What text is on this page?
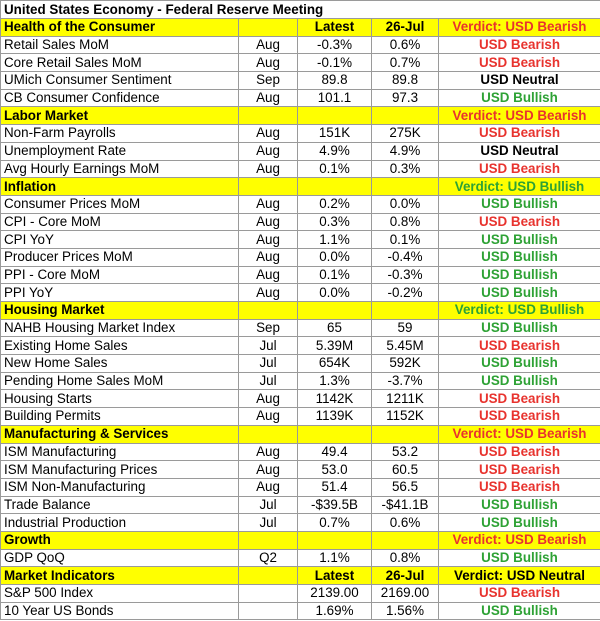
United States Economy - Federal Reserve Meeting				
Health of the Consumer		Latest	26-Jul	Verdict: USD Bearish
Retail Sales MoM	Aug	-0.3%	0.6%	USD Bearish
Core Retail Sales MoM	Aug	-0.1%	0.7%	USD Bearish
UMich Consumer Sentiment	Sep	89.8	89.8	USD Neutral
CB Consumer Confidence	Aug	101.1	97.3	USD Bullish
Labor Market				Verdict: USD Bearish
Non-Farm Payrolls	Aug	151K	275K	USD Bearish
Unemployment Rate	Aug	4.9%	4.9%	USD Neutral
Avg Hourly Earnings MoM	Aug	0.1%	0.3%	USD Bearish
Inflation				Verdict: USD Bullish
Consumer Prices MoM	Aug	0.2%	0.0%	USD Bullish
CPI - Core MoM	Aug	0.3%	0.8%	USD Bearish
CPI YoY	Aug	1.1%	0.1%	USD Bullish
Producer Prices MoM	Aug	0.0%	-0.4%	USD Bullish
PPI - Core MoM	Aug	0.1%	-0.3%	USD Bullish
PPI YoY	Aug	0.0%	-0.2%	USD Bullish
Housing Market				Verdict: USD Bullish
NAHB Housing Market Index	Sep	65	59	USD Bullish
Existing Home Sales	Jul	5.39M	5.45M	USD Bearish
New Home Sales	Jul	654K	592K	USD Bullish
Pending Home Sales MoM	Jul	1.3%	-3.7%	USD Bullish
Housing Starts	Aug	1142K	1211K	USD Bearish
Building Permits	Aug	1139K	1152K	USD Bearish
Manufacturing & Services				Verdict: USD Bearish
ISM Manufacturing	Aug	49.4	53.2	USD Bearish
ISM Manufacturing Prices	Aug	53.0	60.5	USD Bearish
ISM Non-Manufacturing	Aug	51.4	56.5	USD Bearish
Trade Balance	Jul	-$39.5B	-$41.1B	USD Bullish
Industrial Production	Jul	0.7%	0.6%	USD Bullish
Growth				Verdict: USD Bearish
GDP QoQ	Q2	1.1%	0.8%	USD Bullish
Market Indicators		Latest	26-Jul	Verdict: USD Neutral
S&P 500 Index		2139.00	2169.00	USD Bearish
10 Year US Bonds		1.69%	1.56%	USD Bullish
